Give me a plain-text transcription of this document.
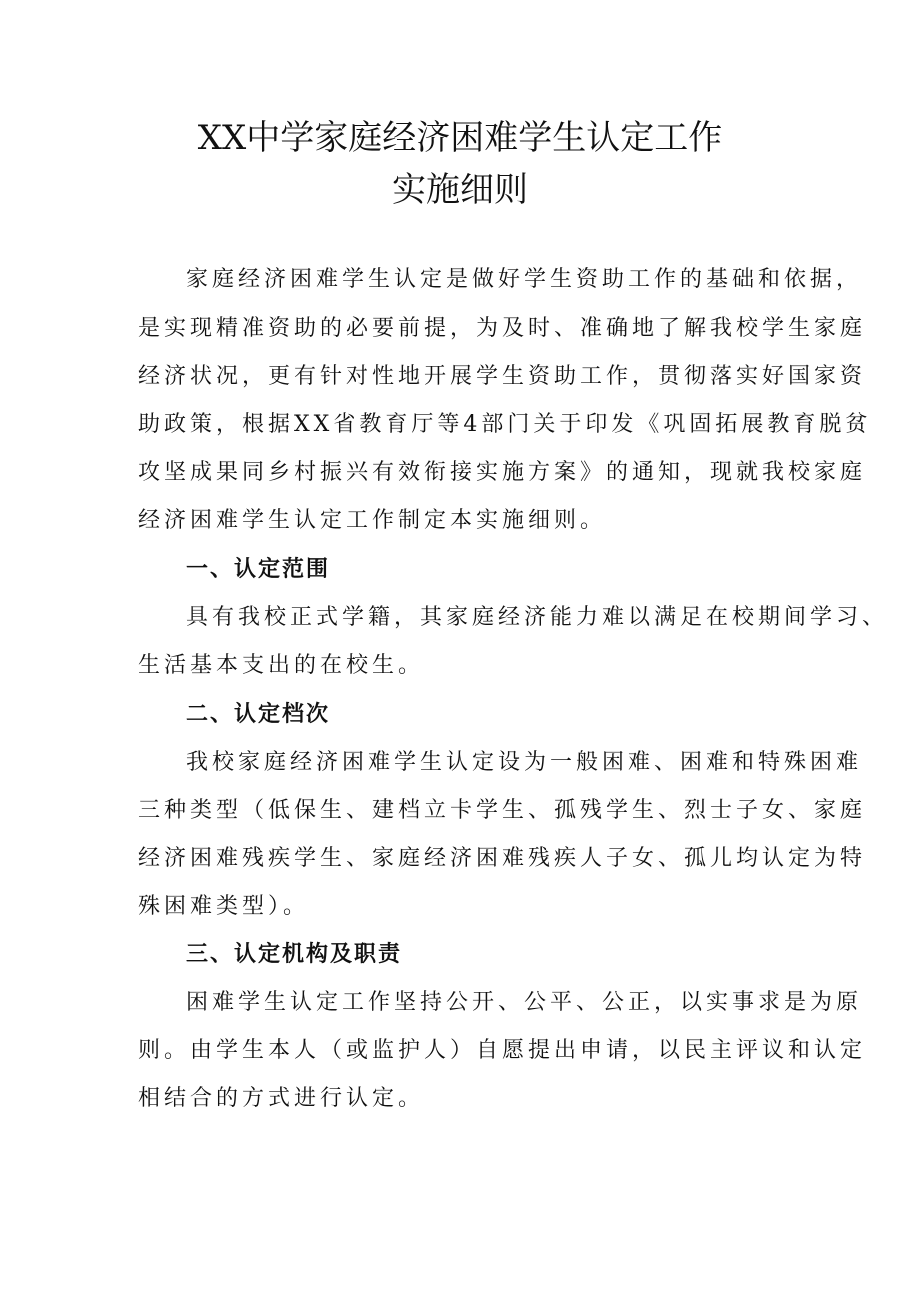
XX中学家庭经济困难学生认定工作
实施细则

家庭经济困难学生认定是做好学生资助工作的基础和依据，

是实现精准资助的必要前提，为及时、准确地了解我校学生家庭

经济状况，更有针对性地开展学生资助工作，贯彻落实好国家资

助政策，根据XX省教育厅等4部门关于印发《巩固拓展教育脱贫

攻坚成果同乡村振兴有效衔接实施方案》的通知，现就我校家庭

经济困难学生认定工作制定本实施细则。

一、认定范围

具有我校正式学籍，其家庭经济能力难以满足在校期间学习、

生活基本支出的在校生。

二、认定档次

我校家庭经济困难学生认定设为一般困难、困难和特殊困难

三种类型（低保生、建档立卡学生、孤残学生、烈士子女、家庭

经济困难残疾学生、家庭经济困难残疾人子女、孤儿均认定为特

殊困难类型）。

三、认定机构及职责

困难学生认定工作坚持公开、公平、公正，以实事求是为原

则。由学生本人（或监护人）自愿提出申请，以民主评议和认定

相结合的方式进行认定。
